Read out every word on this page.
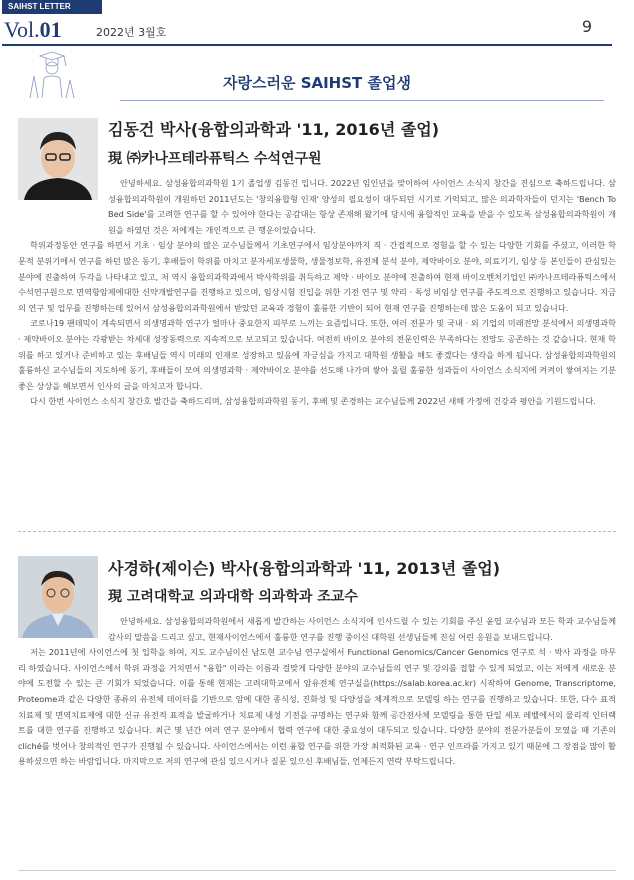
SAIHST LETTER
Vol.01	2022년 3월호	9
자랑스러운 SAIHST 졸업생
김동건 박사(융합의과학과 '11, 2016년 졸업)
現 ㈜카나프테라퓨틱스 수석연구원

안녕하세요. 삼성융합의과학원 1기 졸업생 김동건 입니다. 2022년 임인년을 맞이하여 사이언스 소식지 창간을 진심으로 축하드립니다. 삼성융합의과학원이 개원하던 2011년도는 '창의융합형 인재' 양성의 필요성이 대두되던 시기로 기억되고, 많은 의과학자들이 던지는 'Bench To Bed Side'를 고려한 연구를 할 수 있어야 한다는 공감대는 항상 존재해 왔기에 당시에 융합적인 교육을 받을 수 있도록 삼성융합의과학원이 개원을 하였던 것은 저에게는 개인적으로 큰 행운이었습니다.

학위과정동안 연구를 하면서 기초 · 임상 분야의 많은 교수님들께서 기초연구에서 임상분야까지 직 · 간접적으로 경험을 할 수 있는 다양한 기회를 주셨고, 이러한 학문적 분위기에서 연구를 하던 많은 동기, 후배들이 학위를 마치고 분자세포생물학, 생물정보학, 유전체 분석 분야, 제약바이오 분야, 의료기기, 임상 등 본인들이 관심있는 분야에 진출하여 두각을 나타내고 있고, 저 역시 융합의과학과에서 박사학위를 취득하고 제약 · 바이오 분야에 진출하여 현재 바이오벤처기업인 ㈜카나프테라퓨틱스에서 수석연구원으로 면역항암제에대한 신약개발연구를 진행하고 있으며, 임상시험 진입을 위한 기전 연구 및 약리 · 독성 비임상 연구를 주도적으로 진행하고 있습니다. 지금의 연구 및 업무를 진행하는데 있어서 삼성융합의과학원에서 받았던 교육과 경험이 훌륭한 기반이 되어 현재 연구를 진행하는데 많은 도움이 되고 있습니다.

코로나19 팬데믹이 계속되면서 의생명과학 연구가 얼마나 중요한지 피부로 느끼는 요즘입니다. 또한, 여러 전문가 및 국내 · 외 기업의 미래전망 분석에서 의생명과학 · 제약바이오 분야는 각광받는 차세대 성장동력으로 지속적으로 보고되고 있습니다. 여전히 바이오 분야의 전문인력은 부족하다는 전망도 공존하는 것 같습니다. 현재 학위를 하고 있거나 준비하고 있는 후배님들 역시 미래의 인재로 성장하고 있음에 자긍심을 가지고 대학원 생활을 해도 좋겠다는 생각을 하게 됩니다. 삼성융합의과학원의 훌륭하신 교수님들의 지도하에 동기, 후배들이 모여 의생명과학 · 제약바이오 분야를 선도해 나가며 쌓아 올릴 훌륭한 성과들이 사이언스 소식지에 켜켜이 쌓여지는 기분 좋은 상상을 해보면서 인사의 글을 마치고자 합니다.

다시 한번 사이언스 소식지 창간호 발간을 축하드리며, 삼성융합의과학원 동기, 후배 및 존경하는 교수님들께 2022년 새해 가정에 건강과 평안을 기원드립니다.

사경하(제이슨) 박사(융합의과학과 '11, 2013년 졸업)
現 고려대학교 의과대학 의과학과 조교수

안녕하세요. 삼성융합의과학원에서 새롭게 발간하는 사이언스 소식지에 인사드릴 수 있는 기회를 주신 윤엽 교수님과 모든 학과 교수님들께 감사의 말씀을 드리고 싶고, 현재사이언스에서 훌륭한 연구를 진행 중이신 대학원 선생님들께 진심 어린 응원을 보내드립니다.

저는 2011년에 사이언스에 첫 입학을 하여, 지도 교수님이신 남도현 교수님 연구실에서 Functional Genomics/Cancer Genomics 연구로 석 · 박사 과정을 마무리 하였습니다. 사이언스에서 학위 과정을 거치면서 "융합" 이라는 이름과 걸맞게 다양한 분야의 교수님들의 연구 및 강의를 접할 수 있게 되었고, 이는 저에게 새로운 분야에 도전할 수 있는 큰 기회가 되었습니다. 이를 통해 현재는 고려대학교에서 암유전체 연구실을(https://salab.korea.ac.kr) 시작하여 Genome, Transcriptome, Proteome과 같은 다양한 종류의 유전체 데이터를 기반으로 암에 대한 종식성, 진화성 및 다양성을 체계적으로 모델링 하는 연구를 진행하고 있습니다. 또한, 다수 표적치료제 및 면역치료제에 대한 신규 유전적 표적을 발굴하거나 치료제 내성 기전을 규명하는 연구와 함께 공간전사체 모델링을 통한 단일 세포 레벨에서의 물리적 인터랙트를 대한 연구를 진행하고 있습니다. 최근 몇 년간 여러 연구 분야에서 협력 연구에 대한 중요성이 대두되고 있습니다. 다양한 분야의 전문가분들이 모였을 때 기존의 cliché를 벗어나 창의적인 연구가 진행될 수 있습니다. 사이언스에서는 이런 융합 연구를 위한 가장 최적화된 교육 · 연구 인프라를 가지고 있기 때문에 그 장점을 많이 활용하셨으면 하는 바람입니다. 마지막으로 저의 연구에 관심 있으시거나 질문 있으신 후배님들, 언제든지 연락 부탁드립니다.
